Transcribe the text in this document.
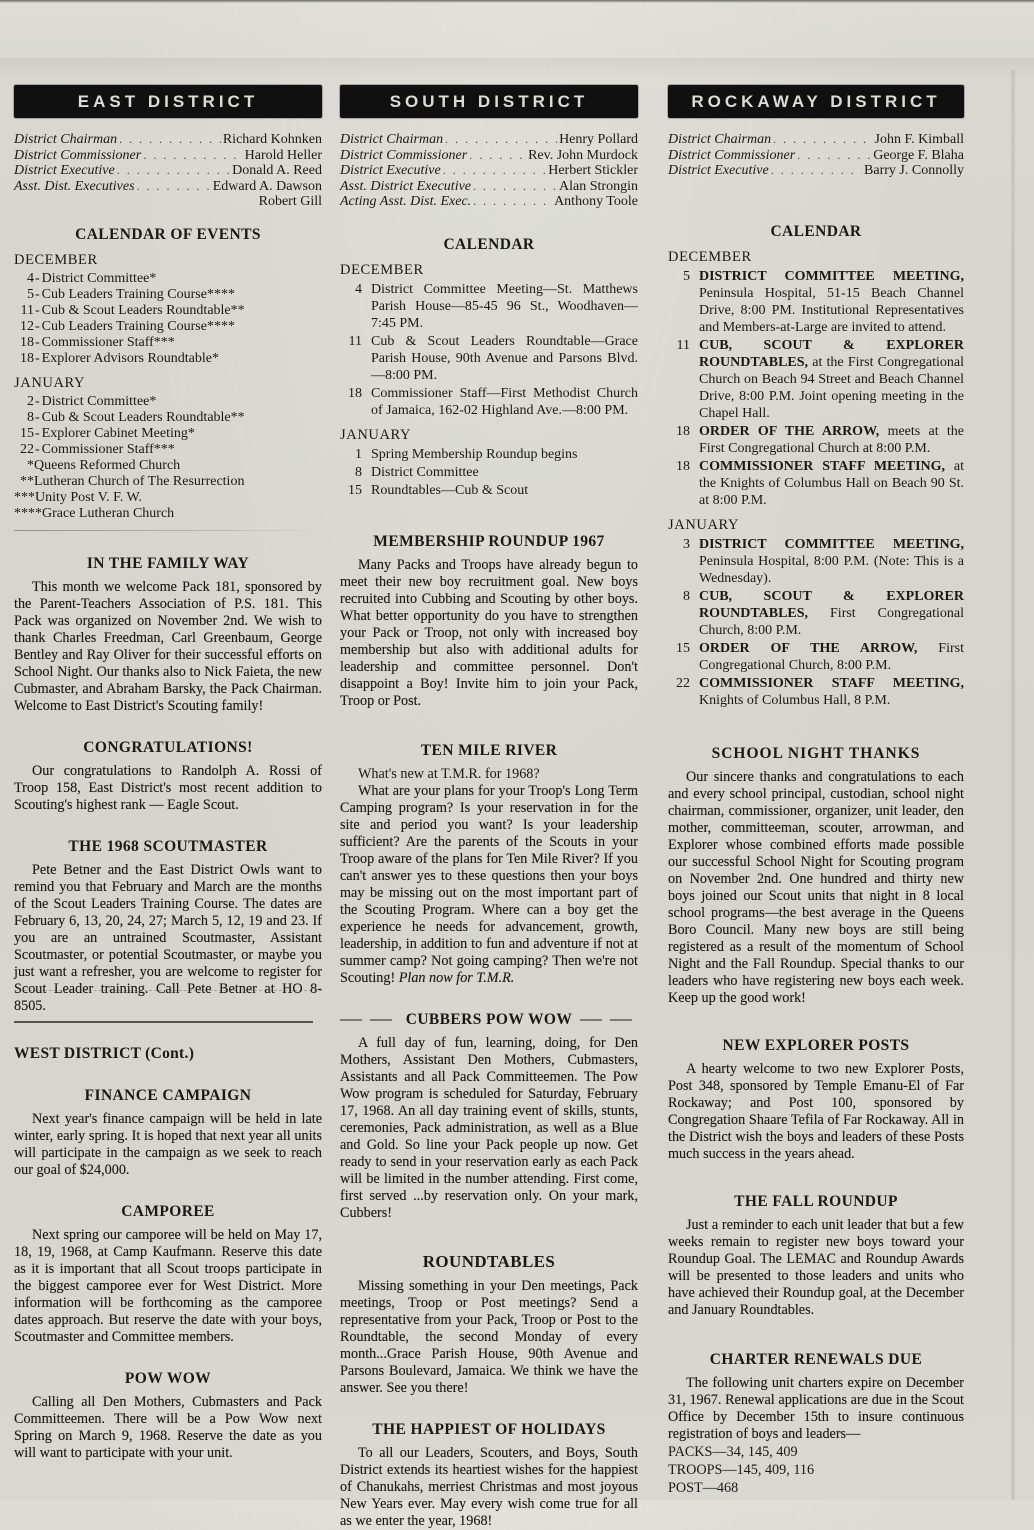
EAST DISTRICT
District Chairman . . .	Richard Kohnken
District Commissioner . . .	Harold Heller
District Executive . . .	Donald A. Reed
Asst. Dist. Executives . . .	Edward A. Dawson
Robert Gill
CALENDAR OF EVENTS
DECEMBER
4 - District Committee*
5 - Cub Leaders Training Course****
11 - Cub & Scout Leaders Roundtable**
12 - Cub Leaders Training Course****
18 - Commissioner Staff***
18 - Explorer Advisors Roundtable*
JANUARY
2 - District Committee*
8 - Cub & Scout Leaders Roundtable**
15 - Explorer Cabinet Meeting*
22 - Commissioner Staff***
*Queens Reformed Church
**Lutheran Church of The Resurrection
***Unity Post V. F. W.
****Grace Lutheran Church
IN THE FAMILY WAY

This month we welcome Pack 181, sponsored by the Parent-Teachers Association of P.S. 181. This Pack was organized on November 2nd. We wish to thank Charles Freedman, Carl Greenbaum, George Bentley and Ray Oliver for their successful efforts on School Night. Our thanks also to Nick Faieta, the new Cubmaster, and Abraham Barsky, the Pack Chairman. Welcome to East District's Scouting family!

CONGRATULATIONS!

Our congratulations to Randolph A. Rossi of Troop 158, East District's most recent addition to Scouting's highest rank — Eagle Scout.

THE 1968 SCOUTMASTER

Pete Betner and the East District Owls want to remind you that February and March are the months of the Scout Leaders Training Course. The dates are February 6, 13, 20, 24, 27; March 5, 12, 19 and 23. If you are an untrained Scoutmaster, Assistant Scoutmaster, or potential Scoutmaster, or maybe you just want a refresher, you are welcome to register for Scout Leader training. Call Pete Betner at HO 8-8505.

WEST DISTRICT (Cont.)
FINANCE CAMPAIGN

Next year's finance campaign will be held in late winter, early spring. It is hoped that next year all units will participate in the campaign as we seek to reach our goal of $24,000.

CAMPOREE

Next spring our camporee will be held on May 17, 18, 19, 1968, at Camp Kaufmann. Reserve this date as it is important that all Scout troops participate in the biggest camporee ever for West District. More information will be forthcoming as the camporee dates approach. But reserve the date with your boys, Scoutmaster and Committee members.

POW WOW

Calling all Den Mothers, Cubmasters and Pack Committeemen. There will be a Pow Wow next Spring on March 9, 1968. Reserve the date as you will want to participate with your unit.

SOUTH DISTRICT
District Chairman . . .	Henry Pollard
District Commissioner . . .	Rev. John Murdock
District Executive . . .	Herbert Stickler
Asst. District Executive . . .	Alan Strongin
Acting Asst. Dist. Exec. . . .	Anthony Toole
CALENDAR
DECEMBER
4 District Committee Meeting—St. Matthews Parish House—85-45 96 St., Woodhaven—7:45 PM.
11 Cub & Scout Leaders Roundtable—Grace Parish House, 90th Avenue and Parsons Blvd.—8:00 PM.
18 Commissioner Staff—First Methodist Church of Jamaica, 162-02 Highland Ave.—8:00 PM.
JANUARY
1 Spring Membership Roundup begins
8 District Committee
15 Roundtables—Cub & Scout
MEMBERSHIP ROUNDUP 1967

Many Packs and Troops have already begun to meet their new boy recruitment goal. New boys recruited into Cubbing and Scouting by other boys. What better opportunity do you have to strengthen your Pack or Troop, not only with increased boy membership but also with additional adults for leadership and committee personnel. Don't disappoint a Boy! Invite him to join your Pack, Troop or Post.

TEN MILE RIVER
What's new at T.M.R. for 1968?

What are your plans for your Troop's Long Term Camping program? Is your reservation in for the site and period you want? Is your leadership sufficient? Are the parents of the Scouts in your Troop aware of the plans for Ten Mile River? If you can't answer yes to these questions then your boys may be missing out on the most important part of the Scouting Program. Where can a boy get the experience he needs for advancement, growth, leadership, in addition to fun and adventure if not at summer camp? Not going camping? Then we're not Scouting! Plan now for T.M.R.

CUBBERS POW WOW

A full day of fun, learning, doing, for Den Mothers, Assistant Den Mothers, Cubmasters, Assistants and all Pack Committeemen. The Pow Wow program is scheduled for Saturday, February 17, 1968. An all day training event of skills, stunts, ceremonies, Pack administration, as well as a Blue and Gold. So line your Pack people up now. Get ready to send in your reservation early as each Pack will be limited in the number attending. First come, first served ...by reservation only. On your mark, Cubbers!

ROUNDTABLES

Missing something in your Den meetings, Pack meetings, Troop or Post meetings? Send a representative from your Pack, Troop or Post to the Roundtable, the second Monday of every month...Grace Parish House, 90th Avenue and Parsons Boulevard, Jamaica. We think we have the answer. See you there!

THE HAPPIEST OF HOLIDAYS

To all our Leaders, Scouters, and Boys, South District extends its heartiest wishes for the happiest of Chanukahs, merriest Christmas and most joyous New Years ever. May every wish come true for all as we enter the year, 1968!

ROCKAWAY DISTRICT
District Chairman . . .	John F. Kimball
District Commissioner . . .	George F. Blaha
District Executive . . .	Barry J. Connolly
CALENDAR
DECEMBER
5 DISTRICT COMMITTEE MEETING, Peninsula Hospital, 51-15 Beach Channel Drive, 8:00 PM. Institutional Representatives and Members-at-Large are invited to attend.
11 CUB, SCOUT & EXPLORER ROUNDTABLES, at the First Congregational Church on Beach 94 Street and Beach Channel Drive, 8:00 P.M. Joint opening meeting in the Chapel Hall.
18 ORDER OF THE ARROW, meets at the First Congregational Church at 8:00 P.M.
18 COMMISSIONER STAFF MEETING, at the Knights of Columbus Hall on Beach 90 St. at 8:00 P.M.
JANUARY
3 DISTRICT COMMITTEE MEETING, Peninsula Hospital, 8:00 P.M. (Note: This is a Wednesday).
8 CUB, SCOUT & EXPLORER ROUNDTABLES, First Congregational Church, 8:00 P.M.
15 ORDER OF THE ARROW, First Congregational Church, 8:00 P.M.
22 COMMISSIONER STAFF MEETING, Knights of Columbus Hall, 8 P.M.
SCHOOL NIGHT THANKS

Our sincere thanks and congratulations to each and every school principal, custodian, school night chairman, commissioner, organizer, unit leader, den mother, committeeman, scouter, arrowman, and Explorer whose combined efforts made possible our successful School Night for Scouting program on November 2nd. One hundred and thirty new boys joined our Scout units that night in 8 local school programs—the best average in the Queens Boro Council. Many new boys are still being registered as a result of the momentum of School Night and the Fall Roundup. Special thanks to our leaders who have registering new boys each week. Keep up the good work!

NEW EXPLORER POSTS

A hearty welcome to two new Explorer Posts, Post 348, sponsored by Temple Emanu-El of Far Rockaway; and Post 100, sponsored by Congregation Shaare Tefila of Far Rockaway. All in the District wish the boys and leaders of these Posts much success in the years ahead.

THE FALL ROUNDUP

Just a reminder to each unit leader that but a few weeks remain to register new boys toward your Roundup Goal. The LEMAC and Roundup Awards will be presented to those leaders and units who have achieved their Roundup goal, at the December and January Roundtables.

CHARTER RENEWALS DUE

The following unit charters expire on December 31, 1967. Renewal applications are due in the Scout Office by December 15th to insure continuous registration of boys and leaders—

PACKS—34, 145, 409
TROOPS—145, 409, 116
POST—468
